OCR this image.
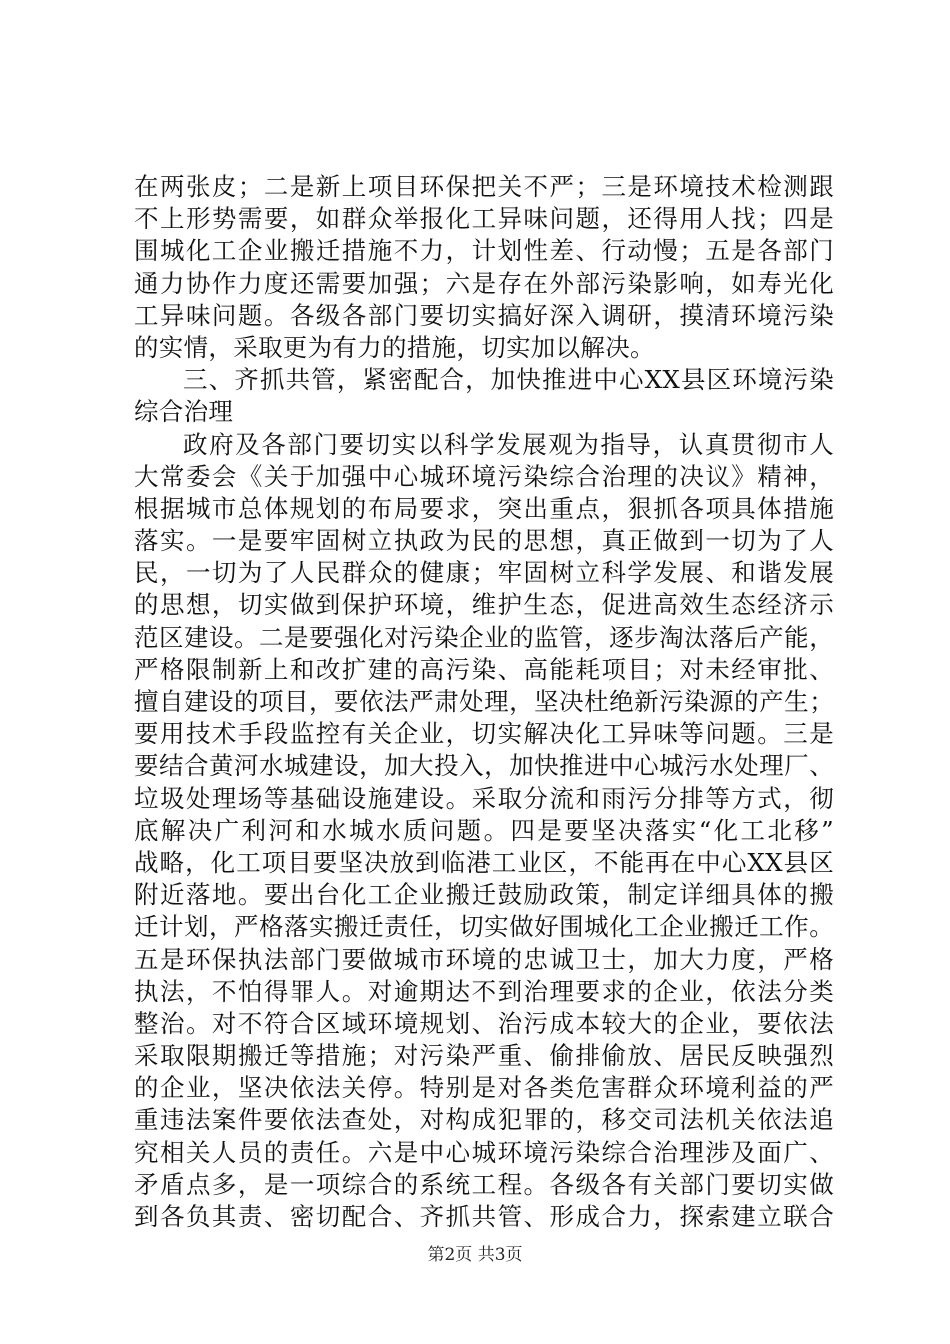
在两张皮；二是新上项目环保把关不严；三是环境技术检测跟
不上形势需要，如群众举报化工异味问题，还得用人找；四是
围城化工企业搬迁措施不力，计划性差、行动慢；五是各部门
通力协作力度还需要加强；六是存在外部污染影响，如寿光化
工异味问题。各级各部门要切实搞好深入调研，摸清环境污染
的实情，采取更为有力的措施，切实加以解决。
三、齐抓共管，紧密配合，加快推进中心XX县区环境污染
综合治理
政府及各部门要切实以科学发展观为指导，认真贯彻市人
大常委会《关于加强中心城环境污染综合治理的决议》精神，
根据城市总体规划的布局要求，突出重点，狠抓各项具体措施
落实。一是要牢固树立执政为民的思想，真正做到一切为了人
民，一切为了人民群众的健康；牢固树立科学发展、和谐发展
的思想，切实做到保护环境，维护生态，促进高效生态经济示
范区建设。二是要强化对污染企业的监管，逐步淘汰落后产能，
严格限制新上和改扩建的高污染、高能耗项目；对未经审批、
擅自建设的项目，要依法严肃处理，坚决杜绝新污染源的产生；
要用技术手段监控有关企业，切实解决化工异味等问题。三是
要结合黄河水城建设，加大投入，加快推进中心城污水处理厂、
垃圾处理场等基础设施建设。采取分流和雨污分排等方式，彻
底解决广利河和水城水质问题。四是要坚决落实“化工北移”
战略，化工项目要坚决放到临港工业区，不能再在中心XX县区
附近落地。要出台化工企业搬迁鼓励政策，制定详细具体的搬
迁计划，严格落实搬迁责任，切实做好围城化工企业搬迁工作。
五是环保执法部门要做城市环境的忠诚卫士，加大力度，严格
执法，不怕得罪人。对逾期达不到治理要求的企业，依法分类
整治。对不符合区域环境规划、治污成本较大的企业，要依法
采取限期搬迁等措施；对污染严重、偷排偷放、居民反映强烈
的企业，坚决依法关停。特别是对各类危害群众环境利益的严
重违法案件要依法查处，对构成犯罪的，移交司法机关依法追
究相关人员的责任。六是中心城环境污染综合治理涉及面广、
矛盾点多，是一项综合的系统工程。各级各有关部门要切实做
到各负其责、密切配合、齐抓共管、形成合力，探索建立联合
第2页 共3页
